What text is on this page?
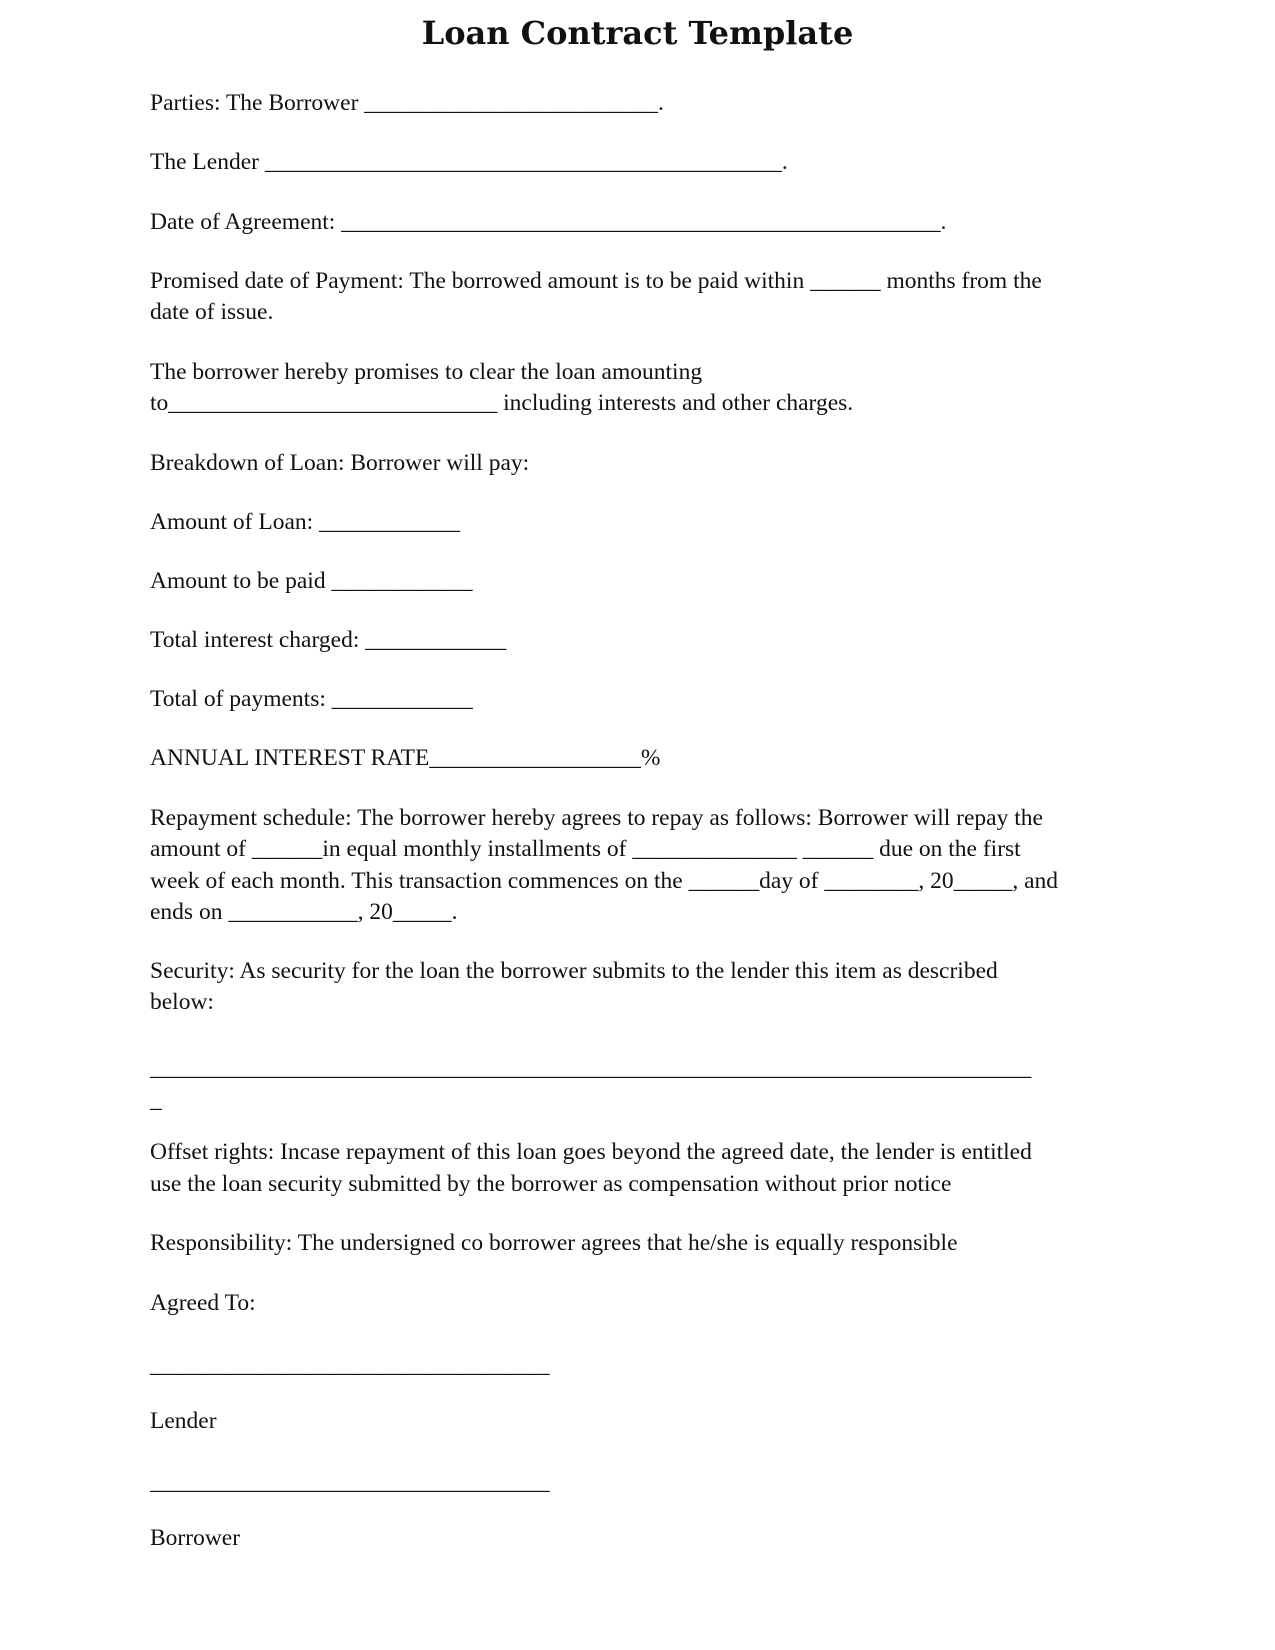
Loan Contract Template
Parties: The Borrower _________________________.
The Lender ____________________________________________.
Date of Agreement: ___________________________________________________.
Promised date of Payment: The borrowed amount is to be paid within ______ months from the
date of issue.
The borrower hereby promises to clear the loan amounting
to____________________________ including interests and other charges.
Breakdown of Loan: Borrower will pay:
Amount of Loan: ____________
Amount to be paid ____________
Total interest charged: ____________
Total of payments: ____________
ANNUAL INTEREST RATE__________________%
Repayment schedule: The borrower hereby agrees to repay as follows: Borrower will repay the
amount of ______in equal monthly installments of ______________ ______ due on the first
week of each month. This transaction commences on the ______day of ________, 20_____, and
ends on ___________, 20_____.
Security: As security for the loan the borrower submits to the lender this item as described
below:
___________________________________________________________________________
_
Offset rights: Incase repayment of this loan goes beyond the agreed date, the lender is entitled
use the loan security submitted by the borrower as compensation without prior notice
Responsibility: The undersigned co borrower agrees that he/she is equally responsible
Agreed To:
__________________________________
Lender
__________________________________
Borrower
